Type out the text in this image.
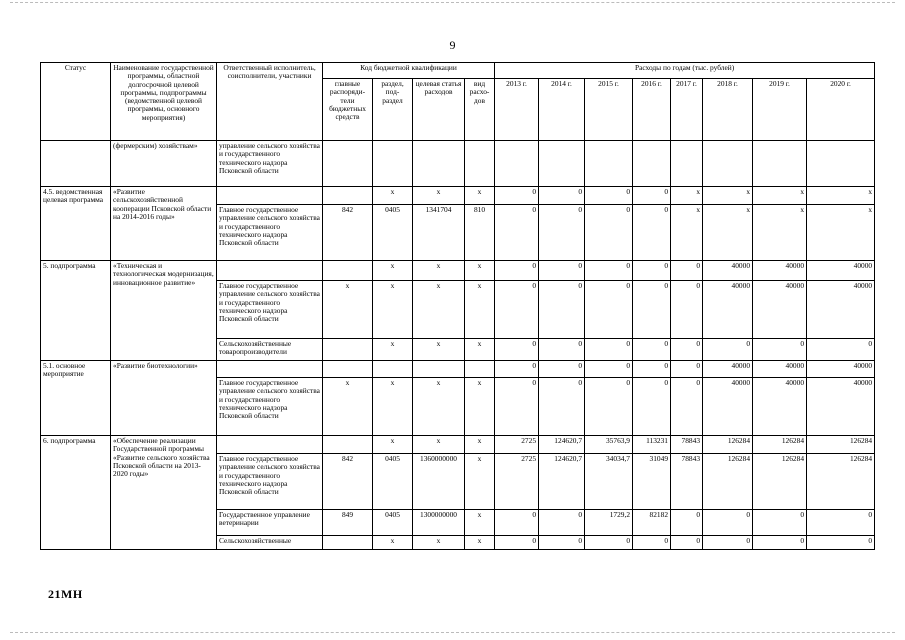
9
Статус	Наименование государственной программы, областной долгосрочной целевой программы, подпрограммы (ведомственной целевой программы, основного мероприятия)	Ответственный исполнитель, соисполнители, участники	Код бюджетной квалификации				Расходы по годам (тыс. рублей)							
			главные распоряди- тели бюджетных средств	раздел, под- раздел	целевая статья расходов	вид расхо- дов	2013 г.	2014 г.	2015 г.	2016 г.	2017 г.	2018 г.	2019 г.	2020 г.
	(фермерским) хозяйствам»	управление сельского хозяйства и государственного технического надзора Псковской области												
4.5. ведомственная целевая программа	«Развитие сельскохозяйственной кооперации Псковской области на 2014-2016 годы»			x	x	x	0	0	0	0	x	x	x	x
		Главное государственное управление сельского хозяйства и государственного технического надзора Псковской области	842	0405	1341704	810	0	0	0	0	x	x	x	x
5. подпрограмма	«Техническая и технологическая модернизация, инновационное развитие»			x	x	x	0	0	0	0	0	40000	40000	40000
		Главное государственное управление сельского хозяйства и государственного технического надзора Псковской области	x	x	x	x	0	0	0	0	0	40000	40000	40000
		Сельскохозяйственные товаропроизводители		x	x	x	0	0	0	0	0	0	0	0
5.1. основное мероприятие	«Развитие биотехнологии»						0	0	0	0	0	40000	40000	40000
		Главное государственное управление сельского хозяйства и государственного технического надзора Псковской области	x	x	x	x	0	0	0	0	0	40000	40000	40000
6. подпрограмма	«Обеспечение реализации Государственной программы «Развитие сельского хозяйства Псковской области на 2013-2020 годы»			x	x	x	2725	124620,7	35763,9	113231	78843	126284	126284	126284
		Главное государственное управление сельского хозяйства и государственного технического надзора Псковской области	842	0405	1360000000	x	2725	124620,7	34034,7	31049	78843	126284	126284	126284
		Государственное управление ветеринарии	849	0405	1300000000	x	0	0	1729,2	82182	0	0	0	0
		Сельскохозяйственные		x	x	x	0	0	0	0	0	0	0	0
21МН
